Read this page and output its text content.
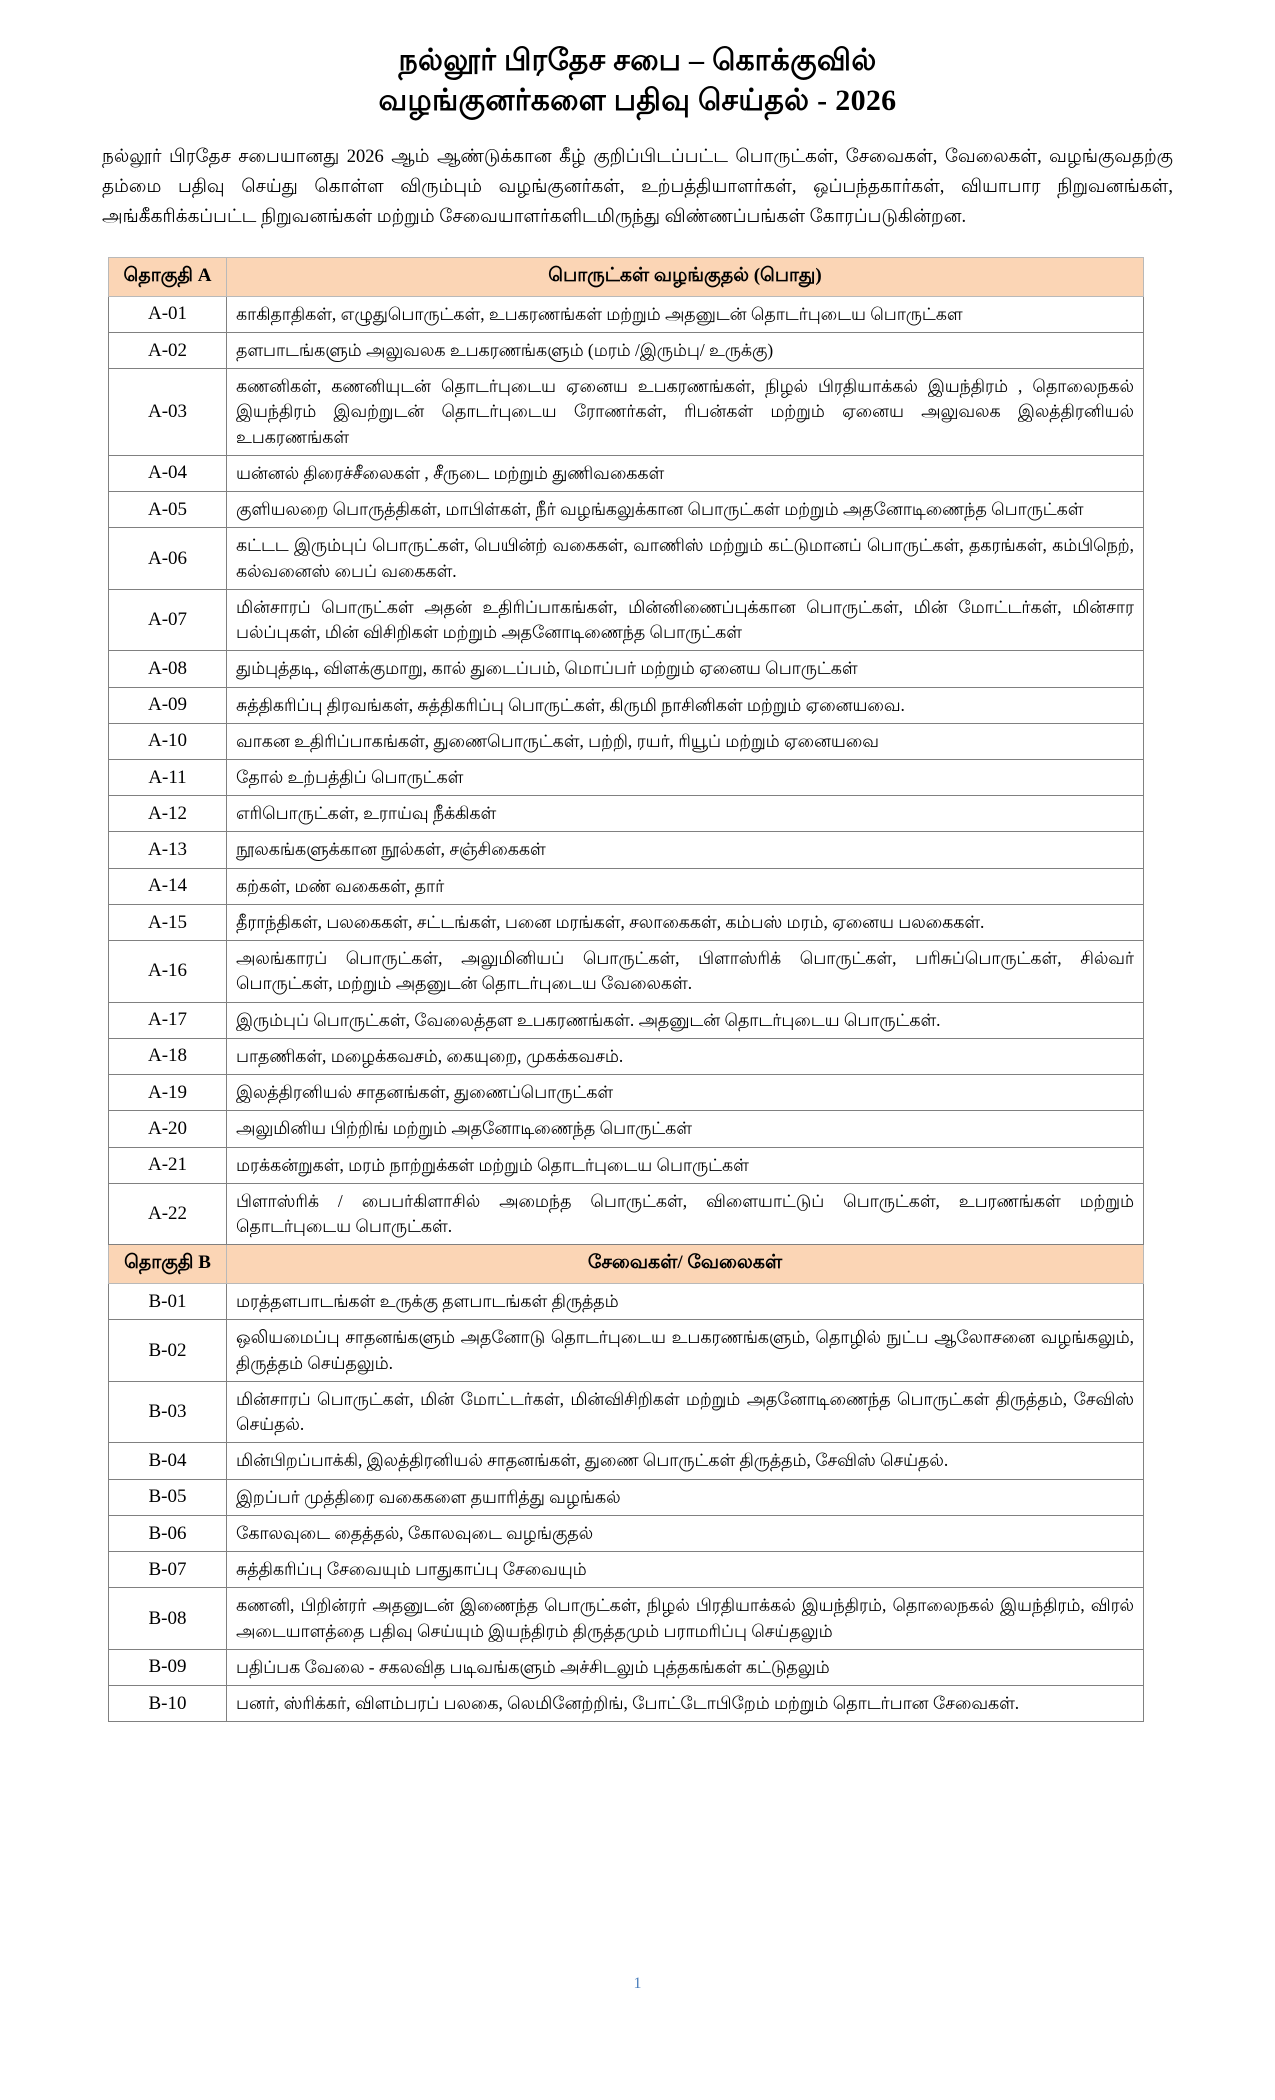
நல்லூர் பிரதேச சபை – கொக்குவில்
வழங்குனர்களை பதிவு செய்தல் - 2026

நல்லூர் பிரதேச சபையானது 2026 ஆம் ஆண்டுக்கான கீழ் குறிப்பிடப்பட்ட பொருட்கள், சேவைகள், வேலைகள், வழங்குவதற்கு தம்மை பதிவு செய்து கொள்ள விரும்பும் வழங்குனர்கள், உற்பத்தியாளர்கள், ஒப்பந்தகார்கள், வியாபார நிறுவனங்கள், அங்கீகரிக்கப்பட்ட நிறுவனங்கள் மற்றும் சேவையாளர்களிடமிருந்து விண்ணப்பங்கள் கோரப்படுகின்றன.

தொகுதி A	பொருட்கள் வழங்குதல் (பொது)
A-01	காகிதாதிகள், எழுதுபொருட்கள், உபகரணங்கள் மற்றும் அதனுடன் தொடர்புடைய பொருட்கள
A-02	தளபாடங்களும் அலுவலக உபகரணங்களும் (மரம் /இரும்பு/ உருக்கு)
A-03	கணனிகள், கணனியுடன் தொடர்புடைய ஏனைய உபகரணங்கள், நிழல் பிரதியாக்கல் இயந்திரம் , தொலைநகல் இயந்திரம் இவற்றுடன் தொடர்புடைய ரோணர்கள், ரிபன்கள் மற்றும் ஏனைய அலுவலக இலத்திரனியல் உபகரணங்கள்
A-04	யன்னல் திரைச்சீலைகள் , சீருடை மற்றும் துணிவகைகள்
A-05	குளியலறை பொருத்திகள், மாபிள்கள், நீர் வழங்கலுக்கான பொருட்கள் மற்றும் அதனோடிணைந்த பொருட்கள்
A-06	கட்டட இரும்புப் பொருட்கள், பெயின்ற் வகைகள், வாணிஸ் மற்றும் கட்டுமானப் பொருட்கள், தகரங்கள், கம்பிநெற், கல்வனைஸ் பைப் வகைகள்.
A-07	மின்சாரப் பொருட்கள் அதன் உதிரிப்பாகங்கள், மின்னிணைப்புக்கான பொருட்கள், மின் மோட்டர்கள், மின்சார பல்ப்புகள், மின் விசிறிகள் மற்றும் அதனோடிணைந்த பொருட்கள்
A-08	தும்புத்தடி, விளக்குமாறு, கால் துடைப்பம், மொப்பர் மற்றும் ஏனைய பொருட்கள்
A-09	சுத்திகரிப்பு திரவங்கள், சுத்திகரிப்பு பொருட்கள், கிருமி நாசினிகள் மற்றும் ஏனையவை.
A-10	வாகன உதிரிப்பாகங்கள், துணைபொருட்கள், பற்றி, ரயர், ரியூப் மற்றும் ஏனையவை
A-11	தோல் உற்பத்திப் பொருட்கள்
A-12	எரிபொருட்கள், உராய்வு நீக்கிகள்
A-13	நூலகங்களுக்கான நூல்கள், சஞ்சிகைகள்
A-14	கற்கள், மண் வகைகள், தார்
A-15	தீராந்திகள், பலகைகள், சட்டங்கள், பனை மரங்கள், சலாகைகள், கம்பஸ் மரம், ஏனைய பலகைகள்.
A-16	அலங்காரப் பொருட்கள், அலுமினியப் பொருட்கள், பிளாஸ்ரிக் பொருட்கள், பரிசுப்பொருட்கள், சில்வர் பொருட்கள், மற்றும் அதனுடன் தொடர்புடைய வேலைகள்.
A-17	இரும்புப் பொருட்கள், வேலைத்தள உபகரணங்கள். அதனுடன் தொடர்புடைய பொருட்கள்.
A-18	பாதணிகள், மழைக்கவசம், கையுறை, முகக்கவசம்.
A-19	இலத்திரனியல் சாதனங்கள், துணைப்பொருட்கள்
A-20	அலுமினிய பிற்றிங் மற்றும் அதனோடிணைந்த பொருட்கள்
A-21	மரக்கன்றுகள், மரம் நாற்றுக்கள் மற்றும் தொடர்புடைய பொருட்கள்
A-22	பிளாஸ்ரிக் / பைபர்கிளாசில் அமைந்த பொருட்கள், விளையாட்டுப் பொருட்கள், உபரணங்கள் மற்றும் தொடர்புடைய பொருட்கள்.
தொகுதி B	சேவைகள்/ வேலைகள்
B-01	மரத்தளபாடங்கள் உருக்கு தளபாடங்கள் திருத்தம்
B-02	ஒலியமைப்பு சாதனங்களும் அதனோடு தொடர்புடைய உபகரணங்களும், தொழில் நுட்ப ஆலோசனை வழங்கலும், திருத்தம் செய்தலும்.
B-03	மின்சாரப் பொருட்கள், மின் மோட்டர்கள், மின்விசிறிகள் மற்றும் அதனோடிணைந்த பொருட்கள் திருத்தம், சேவிஸ் செய்தல்.
B-04	மின்பிறப்பாக்கி, இலத்திரனியல் சாதனங்கள், துணை பொருட்கள் திருத்தம், சேவிஸ் செய்தல்.
B-05	இறப்பர் முத்திரை வகைகளை தயாரித்து வழங்கல்
B-06	கோலவுடை தைத்தல், கோலவுடை வழங்குதல்
B-07	சுத்திகரிப்பு சேவையும் பாதுகாப்பு சேவையும்
B-08	கணனி, பிறின்ரர் அதனுடன் இணைந்த பொருட்கள், நிழல் பிரதியாக்கல் இயந்திரம், தொலைநகல் இயந்திரம், விரல் அடையாளத்தை பதிவு செய்யும் இயந்திரம் திருத்தமும் பராமரிப்பு செய்தலும்
B-09	பதிப்பக வேலை - சகலவித படிவங்களும் அச்சிடலும் புத்தகங்கள் கட்டுதலும்
B-10	பனர், ஸ்ரிக்கர், விளம்பரப் பலகை, லெமினேற்றிங், போட்டோபிறேம் மற்றும் தொடர்பான சேவைகள்.
1
